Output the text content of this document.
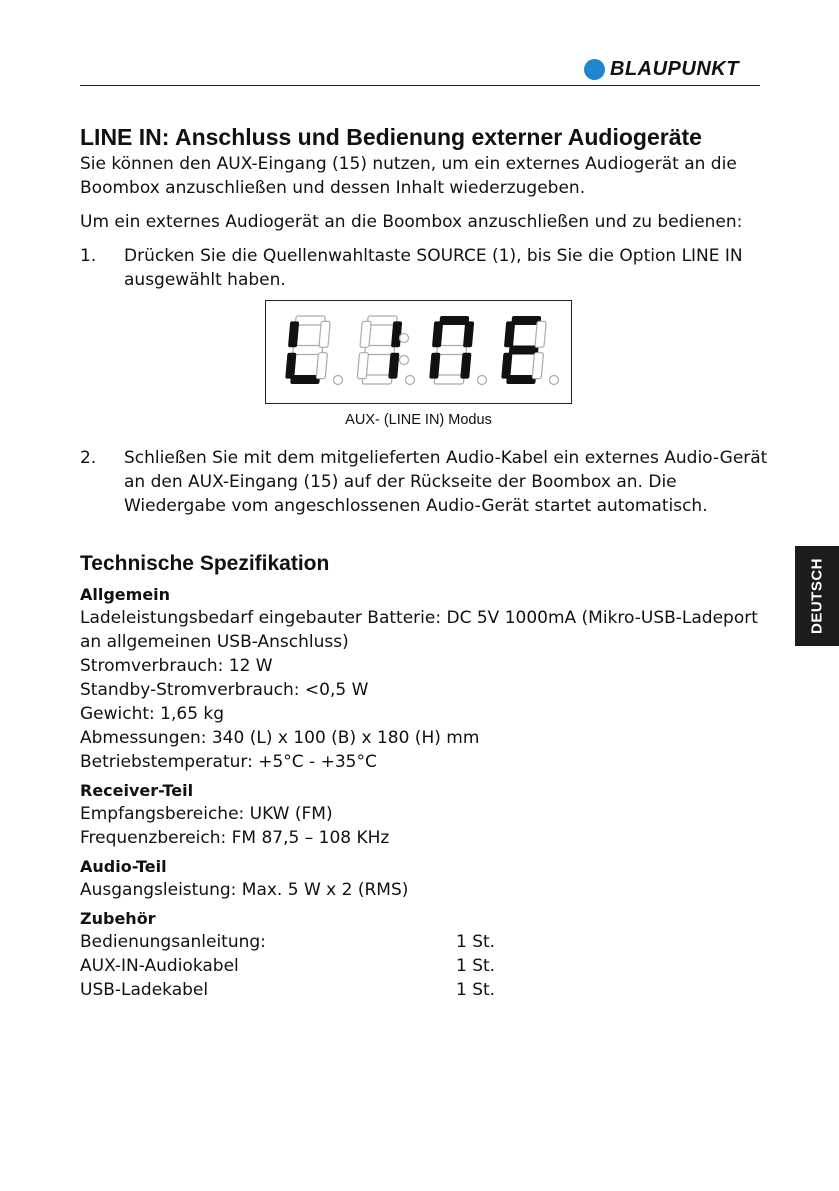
BLAUPUNKT
DEUTSCH
LINE IN: Anschluss und Bedienung externer Audiogeräte

Sie können den AUX-Eingang (15) nutzen, um ein externes Audiogerät an die Boombox anzuschließen und dessen Inhalt wiederzugeben.

Um ein externes Audiogerät an die Boombox anzuschließen und zu bedienen:

1.	Drücken Sie die Quellenwahltaste SOURCE (1), bis Sie die Option LINE IN ausgewählt haben.
AUX- (LINE IN) Modus
2.	Schließen Sie mit dem mitgelieferten Audio-Kabel ein externes Audio-Gerät an den AUX-Eingang (15) auf der Rückseite der Boombox an. Die Wiedergabe vom angeschlossenen Audio-Gerät startet automatisch.
Technische Spezifikation
Allgemein

Ladeleistungsbedarf eingebauter Batterie: DC 5V 1000mA (Mikro-USB-Ladeport an allgemeinen USB-Anschluss)

Stromverbrauch: 12 W

Standby-Stromverbrauch: <0,5 W

Gewicht: 1,65 kg

Abmessungen: 340 (L) x 100 (B) x 180 (H) mm

Betriebstemperatur: +5°C - +35°C

Receiver-Teil

Empfangsbereiche: UKW (FM)

Frequenzbereich: FM 87,5 – 108 KHz

Audio-Teil

Ausgangsleistung: Max. 5 W x 2 (RMS)

Zubehör
Bedienungsanleitung:	1 St.
AUX-IN-Audiokabel	1 St.
USB-Ladekabel	1 St.
